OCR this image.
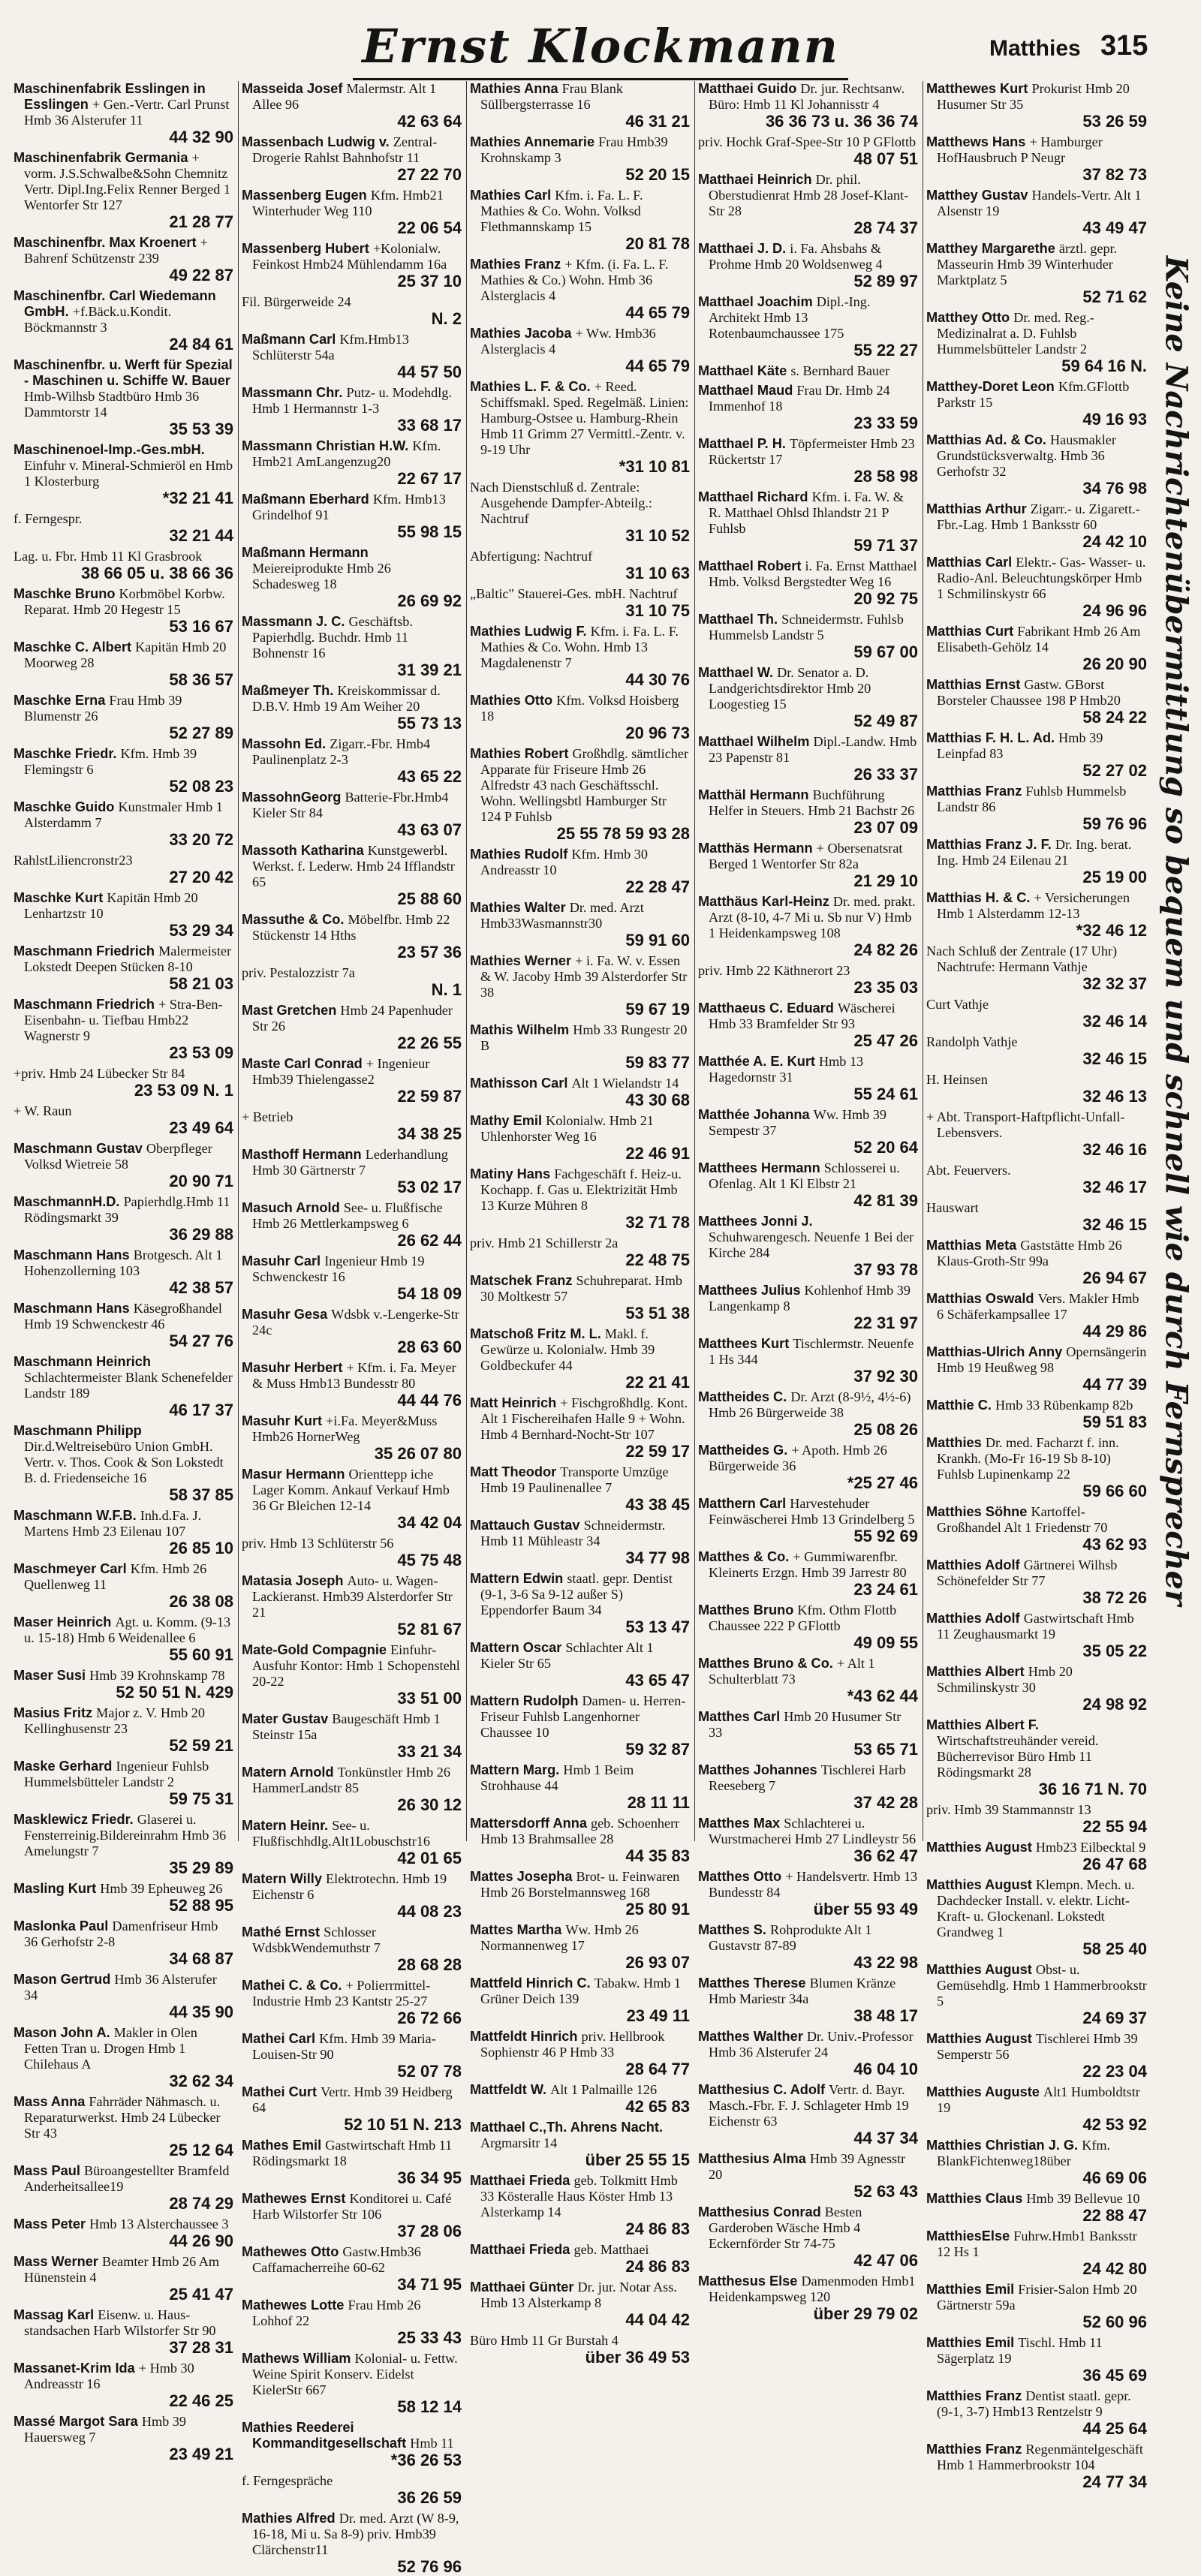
Ernst Klockmann	Matthies 315
Maschinenfabrik Esslingen in Esslingen + Gen.-Vertr. Carl Prunst Hmb 36 Alsterufer 11
44 32 90
Maschinenfabrik Germania + vorm. J.S.Schwalbe&Sohn Chemnitz Vertr. Dipl.Ing.Felix Renner Berged 1 Wentorfer Str 127
21 28 77
Maschinenfbr. Max Kroenert + Bahrenf Schützenstr 239
49 22 87
Maschinenfbr. Carl Wiedemann GmbH. +f.Bäck.u.Kondit. Böckmannstr 3
24 84 61
Maschinenfbr. u. Werft für Spezial - Maschinen u. Schiffe W. Bauer Hmb-Wilhsb Stadtbüro Hmb 36 Dammtorstr 14
35 53 39
Maschinenoel-Imp.-Ges.mbH. Einfuhr v. Mineral-Schmieröl en Hmb 1 Klosterburg
*32 21 41
f. Ferngespr.
32 21 44
Lag. u. Fbr. Hmb 11 Kl Grasbrook
38 66 05 u. 38 66 36
Maschke Bruno Korbmöbel Korbw. Reparat. Hmb 20 Hegestr 15
53 16 67
Maschke C. Albert Kapitän Hmb 20 Moorweg 28
58 36 57
Maschke Erna Frau Hmb 39 Blumenstr 26
52 27 89
Maschke Friedr. Kfm. Hmb 39 Flemingstr 6
52 08 23
Maschke Guido Kunstmaler Hmb 1 Alsterdamm 7
33 20 72
RahlstLiliencronstr23
27 20 42
Maschke Kurt Kapitän Hmb 20 Lenhartzstr 10
53 29 34
Maschmann Friedrich Malermeister Lokstedt Deepen Stücken 8-10
58 21 03
Maschmann Friedrich + Stra-Ben-Eisenbahn- u. Tiefbau Hmb22 Wagnerstr 9
23 53 09
+priv. Hmb 24 Lübecker Str 84
23 53 09 N. 1
+ W. Raun
23 49 64
Maschmann Gustav Oberpfleger Volksd Wietreie 58
20 90 71
MaschmannH.D. Papierhdlg.Hmb 11 Rödingsmarkt 39
36 29 88
Maschmann Hans Brotgesch. Alt 1 Hohenzollerning 103
42 38 57
Maschmann Hans Käsegroßhandel Hmb 19 Schwenckestr 46
54 27 76
Maschmann Heinrich Schlachtermeister Blank Schenefelder Landstr 189
46 17 37
Maschmann Philipp Dir.d.Weltreisebüro Union GmbH. Vertr. v. Thos. Cook & Son Lokstedt B. d. Friedenseiche 16
58 37 85
Maschmann W.F.B. Inh.d.Fa. J. Martens Hmb 23 Eilenau 107
26 85 10
Maschmeyer Carl Kfm. Hmb 26 Quellenweg 11
26 38 08
Maser Heinrich Agt. u. Komm. (9-13 u. 15-18) Hmb 6 Weidenallee 6
55 60 91
Maser Susi Hmb 39 Krohnskamp 78
52 50 51 N. 429
Masius Fritz Major z. V. Hmb 20 Kellinghusenstr 23
52 59 21
Maske Gerhard Ingenieur Fuhlsb Hummelsbütteler Landstr 2
59 75 31
Masklewicz Friedr. Glaserei u. Fensterreinig.Bildereinrahm Hmb 36 Amelungstr 7
35 29 89
Masling Kurt Hmb 39 Epheuweg 26
52 88 95
Maslonka Paul Damenfriseur Hmb 36 Gerhofstr 2-8
34 68 87
Mason Gertrud Hmb 36 Alsterufer 34
44 35 90
Mason John A. Makler in Olen Fetten Tran u. Drogen Hmb 1 Chilehaus A
32 62 34
Mass Anna Fahrräder Nähmasch. u. Reparaturwerkst. Hmb 24 Lübecker Str 43
25 12 64
Mass Paul Büroangestellter Bramfeld Anderheitsallee19
28 74 29
Mass Peter Hmb 13 Alsterchaussee 3
44 26 90
Mass Werner Beamter Hmb 26 Am Hünenstein 4
25 41 47
Massag Karl Eisenw. u. Haus-standsachen Harb Wilstorfer Str 90
37 28 31
Massanet-Krim Ida + Hmb 30 Andreasstr 16
22 46 25
Massé Margot Sara Hmb 39 Hauersweg 7
23 49 21
Masseida Josef Malermstr. Alt 1 Allee 96
42 63 64
Massenbach Ludwig v. Zentral-Drogerie Rahlst Bahnhofstr 11
27 22 70
Massenberg Eugen Kfm. Hmb21 Winterhuder Weg 110
22 06 54
Massenberg Hubert +Kolonialw. Feinkost Hmb24 Mühlendamm 16a
25 37 10
Fil. Bürgerweide 24
N. 2
Maßmann Carl Kfm.Hmb13 Schlüterstr 54a
44 57 50
Massmann Chr. Putz- u. Modehdlg. Hmb 1 Hermannstr 1-3
33 68 17
Massmann Christian H.W. Kfm. Hmb21 AmLangenzug20
22 67 17
Maßmann Eberhard Kfm. Hmb13 Grindelhof 91
55 98 15
Maßmann Hermann Meiereiprodukte Hmb 26 Schadesweg 18
26 69 92
Massmann J. C. Geschäftsb. Papierhdlg. Buchdr. Hmb 11 Bohnenstr 16
31 39 21
Maßmeyer Th. Kreiskommissar d. D.B.V. Hmb 19 Am Weiher 20
55 73 13
Massohn Ed. Zigarr.-Fbr. Hmb4 Paulinenplatz 2-3
43 65 22
MassohnGeorg Batterie-Fbr.Hmb4 Kieler Str 84
43 63 07
Massoth Katharina Kunstgewerbl. Werkst. f. Lederw. Hmb 24 Ifflandstr 65
25 88 60
Massuthe & Co. Möbelfbr. Hmb 22 Stückenstr 14 Hths
23 57 36
priv. Pestalozzistr 7a
N. 1
Mast Gretchen Hmb 24 Papenhuder Str 26
22 26 55
Maste Carl Conrad + Ingenieur Hmb39 Thielengasse2
22 59 87
+ Betrieb
34 38 25
Masthoff Hermann Lederhandlung Hmb 30 Gärtnerstr 7
53 02 17
Masuch Arnold See- u. Flußfische Hmb 26 Mettlerkampsweg 6
26 62 44
Masuhr Carl Ingenieur Hmb 19 Schwenckestr 16
54 18 09
Masuhr Gesa Wdsbk v.-Lengerke-Str 24c
28 63 60
Masuhr Herbert + Kfm. i. Fa. Meyer & Muss Hmb13 Bundesstr 80
44 44 76
Masuhr Kurt +i.Fa. Meyer&Muss Hmb26 HornerWeg
35 26 07 80
Masur Hermann Orienttepp iche Lager Komm. Ankauf Verkauf Hmb 36 Gr Bleichen 12-14
34 42 04
priv. Hmb 13 Schlüterstr 56
45 75 48
Matasia Joseph Auto- u. Wagen-Lackieranst. Hmb39 Alsterdorfer Str 21
52 81 67
Mate-Gold Compagnie Einfuhr-Ausfuhr Kontor: Hmb 1 Schopenstehl 20-22
33 51 00
Mater Gustav Baugeschäft Hmb 1 Steinstr 15a
33 21 34
Matern Arnold Tonkünstler Hmb 26 HammerLandstr 85
26 30 12
Matern Heinr. See- u. Flußfischhdlg.Alt1Lobuschstr16
42 01 65
Matern Willy Elektrotechn. Hmb 19 Eichenstr 6
44 08 23
Mathé Ernst Schlosser WdsbkWendemuthstr 7
28 68 28
Mathei C. & Co. + Polierrmittel-Industrie Hmb 23 Kantstr 25-27
26 72 66
Mathei Carl Kfm. Hmb 39 Maria-Louisen-Str 90
52 07 78
Mathei Curt Vertr. Hmb 39 Heidberg 64
52 10 51 N. 213
Mathes Emil Gastwirtschaft Hmb 11 Rödingsmarkt 18
36 34 95
Mathewes Ernst Konditorei u. Café Harb Wilstorfer Str 106
37 28 06
Mathewes Otto Gastw.Hmb36 Caffamacherreihe 60-62
34 71 95
Mathewes Lotte Frau Hmb 26 Lohhof 22
25 33 43
Mathews William Kolonial- u. Fettw. Weine Spirit Konserv. Eidelst KielerStr 667
58 12 14
Mathies Reederei Kommanditgesellschaft Hmb 11
*36 26 53
f. Ferngespräche
36 26 59
Mathies Alfred Dr. med. Arzt (W 8-9, 16-18, Mi u. Sa 8-9) priv. Hmb39 Clärchenstr11
52 76 96
Mathies Anna Frau Blank Süllbergsterrasse 16
46 31 21
Mathies Annemarie Frau Hmb39 Krohnskamp 3
52 20 15
Mathies Carl Kfm. i. Fa. L. F. Mathies & Co. Wohn. Volksd Flethmannskamp 15
20 81 78
Mathies Franz + Kfm. (i. Fa. L. F. Mathies & Co.) Wohn. Hmb 36 Alsterglacis 4
44 65 79
Mathies Jacoba + Ww. Hmb36 Alsterglacis 4
44 65 79
Mathies L. F. & Co. + Reed. Schiffsmakl. Sped. Regelmäß. Linien: Hamburg-Ostsee u. Hamburg-Rhein Hmb 11 Grimm 27 Vermittl.-Zentr. v. 9-19 Uhr
*31 10 81
Nach Dienstschluß d. Zentrale: Ausgehende Dampfer-Abteilg.: Nachtruf
31 10 52
Abfertigung: Nachtruf
31 10 63
„Baltic" Stauerei-Ges. mbH. Nachtruf
31 10 75
Mathies Ludwig F. Kfm. i. Fa. L. F. Mathies & Co. Wohn. Hmb 13 Magdalenenstr 7
44 30 76
Mathies Otto Kfm. Volksd Hoisberg 18
20 96 73
Mathies Robert Großhdlg. sämtlicher Apparate für Friseure Hmb 26 Alfredstr 43 nach Geschäftsschl. Wohn. Wellingsbtl Hamburger Str 124 P Fuhlsb
25 55 78 59 93 28
Mathies Rudolf Kfm. Hmb 30 Andreasstr 10
22 28 47
Mathies Walter Dr. med. Arzt Hmb33Wasmannstr30
59 91 60
Mathies Werner + i. Fa. W. v. Essen & W. Jacoby Hmb 39 Alsterdorfer Str 38
59 67 19
Mathis Wilhelm Hmb 33 Rungestr 20 B
59 83 77
Mathisson Carl Alt 1 Wielandstr 14
43 30 68
Mathy Emil Kolonialw. Hmb 21 Uhlenhorster Weg 16
22 46 91
Matiny Hans Fachgeschäft f. Heiz-u. Kochapp. f. Gas u. Elektrizität Hmb 13 Kurze Mühren 8
32 71 78
priv. Hmb 21 Schillerstr 2a
22 48 75
Matschek Franz Schuhreparat. Hmb 30 Moltkestr 57
53 51 38
Matschoß Fritz M. L. Makl. f. Gewürze u. Kolonialw. Hmb 39 Goldbeckufer 44
22 21 41
Matt Heinrich + Fischgroßhdlg. Kont. Alt 1 Fischereihafen Halle 9 + Wohn. Hmb 4 Bernhard-Nocht-Str 107
22 59 17
Matt Theodor Transporte Umzüge Hmb 19 Paulinenallee 7
43 38 45
Mattauch Gustav Schneidermstr. Hmb 11 Mühleastr 34
34 77 98
Mattern Edwin staatl. gepr. Dentist (9-1, 3-6 Sa 9-12 außer S) Eppendorfer Baum 34
53 13 47
Mattern Oscar Schlachter Alt 1 Kieler Str 65
43 65 47
Mattern Rudolph Damen- u. Herren-Friseur Fuhlsb Langenhorner Chaussee 10
59 32 87
Mattern Marg. Hmb 1 Beim Strohhause 44
28 11 11
Mattersdorff Anna geb. Schoenherr Hmb 13 Brahmsallee 28
44 35 83
Mattes Josepha Brot- u. Feinwaren Hmb 26 Borstelmannsweg 168
25 80 91
Mattes Martha Ww. Hmb 26 Normannenweg 17
26 93 07
Mattfeld Hinrich C. Tabakw. Hmb 1 Grüner Deich 139
23 49 11
Mattfeldt Hinrich priv. Hellbrook Sophienstr 46 P Hmb 33
28 64 77
Mattfeldt W. Alt 1 Palmaille 126
42 65 83
Matthael C.,Th. Ahrens Nacht. Argmarsitr 14
über 25 55 15
Matthaei Frieda geb. Tolkmitt Hmb 33 Kösteralle Haus Köster Hmb 13 Alsterkamp 14
24 86 83
Matthaei Frieda geb. Matthaei
24 86 83
Matthaei Günter Dr. jur. Notar Ass. Hmb 13 Alsterkamp 8
44 04 42
Büro Hmb 11 Gr Burstah 4
über 36 49 53
Matthaei Guido Dr. jur. Rechtsanw. Büro: Hmb 11 Kl Johannisstr 4
36 36 73 u. 36 36 74
priv. Hochk Graf-Spee-Str 10 P GFlottb
48 07 51
Matthaei Heinrich Dr. phil. Oberstudienrat Hmb 28 Josef-Klant-Str 28
28 74 37
Matthaei J. D. i. Fa. Ahsbahs & Prohme Hmb 20 Woldsenweg 4
52 89 97
Matthael Joachim Dipl.-Ing. Architekt Hmb 13 Rotenbaumchaussee 175
55 22 27
Matthael Käte s. Bernhard Bauer
Matthael Maud Frau Dr. Hmb 24 Immenhof 18
23 33 59
Matthael P. H. Töpfermeister Hmb 23 Rückertstr 17
28 58 98
Matthael Richard Kfm. i. Fa. W. & R. Matthael Ohlsd Ihlandstr 21 P Fuhlsb
59 71 37
Matthael Robert i. Fa. Ernst Matthael Hmb. Volksd Bergstedter Weg 16
20 92 75
Matthael Th. Schneidermstr. Fuhlsb Hummelsb Landstr 5
59 67 00
Matthael W. Dr. Senator a. D. Landgerichtsdirektor Hmb 20 Loogestieg 15
52 49 87
Matthael Wilhelm Dipl.-Landw. Hmb 23 Papenstr 81
26 33 37
Matthäl Hermann Buchführung Helfer in Steuers. Hmb 21 Bachstr 26
23 07 09
Matthäs Hermann + Obersenatsrat Berged 1 Wentorfer Str 82a
21 29 10
Matthäus Karl-Heinz Dr. med. prakt. Arzt (8-10, 4-7 Mi u. Sb nur V) Hmb 1 Heidenkampsweg 108
24 82 26
priv. Hmb 22 Käthnerort 23
23 35 03
Matthaeus C. Eduard Wäscherei Hmb 33 Bramfelder Str 93
25 47 26
Matthée A. E. Kurt Hmb 13 Hagedornstr 31
55 24 61
Matthée Johanna Ww. Hmb 39 Sempestr 37
52 20 64
Matthees Hermann Schlosserei u. Ofenlag. Alt 1 Kl Elbstr 21
42 81 39
Matthees Jonni J. Schuhwarengesch. Neuenfe 1 Bei der Kirche 284
37 93 78
Matthees Julius Kohlenhof Hmb 39 Langenkamp 8
22 31 97
Matthees Kurt Tischlermstr. Neuenfe 1 Hs 344
37 92 30
Mattheides C. Dr. Arzt (8-9½, 4½-6) Hmb 26 Bürgerweide 38
25 08 26
Mattheides G. + Apoth. Hmb 26 Bürgerweide 36
*25 27 46
Matthern Carl Harvestehuder Feinwäscherei Hmb 13 Grindelberg 5
55 92 69
Matthes & Co. + Gummiwarenfbr. Kleinerts Erzgn. Hmb 39 Jarrestr 80
23 24 61
Matthes Bruno Kfm. Othm Flottb Chaussee 222 P GFlottb
49 09 55
Matthes Bruno & Co. + Alt 1 Schulterblatt 73
*43 62 44
Matthes Carl Hmb 20 Husumer Str 33
53 65 71
Matthes Johannes Tischlerei Harb Reeseberg 7
37 42 28
Matthes Max Schlachterei u. Wurstmacherei Hmb 27 Lindleystr 56
36 62 47
Matthes Otto + Handelsvertr. Hmb 13 Bundesstr 84
über 55 93 49
Matthes S. Rohprodukte Alt 1 Gustavstr 87-89
43 22 98
Matthes Therese Blumen Kränze Hmb Mariestr 34a
38 48 17
Matthes Walther Dr. Univ.-Professor Hmb 36 Alsterufer 24
46 04 10
Matthesius C. Adolf Vertr. d. Bayr. Masch.-Fbr. F. J. Schlageter Hmb 19 Eichenstr 63
44 37 34
Matthesius Alma Hmb 39 Agnesstr 20
52 63 43
Matthesius Conrad Besten Garderoben Wäsche Hmb 4 Eckernförder Str 74-75
42 47 06
Matthesus Else Damenmoden Hmb1 Heidenkampsweg 120
über 29 79 02
Matthewes Kurt Prokurist Hmb 20 Husumer Str 35
53 26 59
Matthews Hans + Hamburger HofHausbruch P Neugr
37 82 73
Matthey Gustav Handels-Vertr. Alt 1 Alsenstr 19
43 49 47
Matthey Margarethe ärztl. gepr. Masseurin Hmb 39 Winterhuder Marktplatz 5
52 71 62
Matthey Otto Dr. med. Reg.-Medizinalrat a. D. Fuhlsb Hummelsbütteler Landstr 2
59 64 16 N.
Matthey-Doret Leon Kfm.GFlottb Parkstr 15
49 16 93
Matthias Ad. & Co. Hausmakler Grundstücksverwaltg. Hmb 36 Gerhofstr 32
34 76 98
Matthias Arthur Zigarr.- u. Zigarett.-Fbr.-Lag. Hmb 1 Banksstr 60
24 42 10
Matthias Carl Elektr.- Gas- Wasser- u. Radio-Anl. Beleuchtungskörper Hmb 1 Schmilinskystr 66
24 96 96
Matthias Curt Fabrikant Hmb 26 Am Elisabeth-Gehölz 14
26 20 90
Matthias Ernst Gastw. GBorst Borsteler Chaussee 198 P Hmb20
58 24 22
Matthias F. H. L. Ad. Hmb 39 Leinpfad 83
52 27 02
Matthias Franz Fuhlsb Hummelsb Landstr 86
59 76 96
Matthias Franz J. F. Dr. Ing. berat. Ing. Hmb 24 Eilenau 21
25 19 00
Matthias H. & C. + Versicherungen Hmb 1 Alsterdamm 12-13
*32 46 12
Nach Schluß der Zentrale (17 Uhr) Nachtrufe: Hermann Vathje
32 32 37
Curt Vathje
32 46 14
Randolph Vathje
32 46 15
H. Heinsen
32 46 13
+ Abt. Transport-Haftpflicht-Unfall-Lebensvers.
32 46 16
Abt. Feuervers.
32 46 17
Hauswart
32 46 15
Matthias Meta Gaststätte Hmb 26 Klaus-Groth-Str 99a
26 94 67
Matthias Oswald Vers. Makler Hmb 6 Schäferkampsallee 17
44 29 86
Matthias-Ulrich Anny Opernsängerin Hmb 19 Heußweg 98
44 77 39
Matthie C. Hmb 33 Rübenkamp 82b
59 51 83
Matthies Dr. med. Facharzt f. inn. Krankh. (Mo-Fr 16-19 Sb 8-10) Fuhlsb Lupinenkamp 22
59 66 60
Matthies Söhne Kartoffel-Großhandel Alt 1 Friedenstr 70
43 62 93
Matthies Adolf Gärtnerei Wilhsb Schönefelder Str 77
38 72 26
Matthies Adolf Gastwirtschaft Hmb 11 Zeughausmarkt 19
35 05 22
Matthies Albert Hmb 20 Schmilinskystr 30
24 98 92
Matthies Albert F. Wirtschaftstreuhänder vereid. Bücherrevisor Büro Hmb 11 Rödingsmarkt 28
36 16 71 N. 70
priv. Hmb 39 Stammannstr 13
22 55 94
Matthies August Hmb23 Eilbecktal 9
26 47 68
Matthies August Klempn. Mech. u. Dachdecker Install. v. elektr. Licht- Kraft- u. Glockenanl. Lokstedt Grandweg 1
58 25 40
Matthies August Obst- u. Gemüsehdlg. Hmb 1 Hammerbrookstr 5
24 69 37
Matthies August Tischlerei Hmb 39 Semperstr 56
22 23 04
Matthies Auguste Alt1 Humboldtstr 19
42 53 92
Matthies Christian J. G. Kfm. BlankFichtenweg18über
46 69 06
Matthies Claus Hmb 39 Bellevue 10
22 88 47
MatthiesElse Fuhrw.Hmb1 Banksstr 12 Hs 1
24 42 80
Matthies Emil Frisier-Salon Hmb 20 Gärtnerstr 59a
52 60 96
Matthies Emil Tischl. Hmb 11 Sägerplatz 19
36 45 69
Matthies Franz Dentist staatl. gepr. (9-1, 3-7) Hmb13 Rentzelstr 9
44 25 64
Matthies Franz Regenmäntelgeschäft Hmb 1 Hammerbrookstr 104
24 77 34
Keine Nachrichtenübermittlung so bequem und schnell wie durch Fernsprecher
